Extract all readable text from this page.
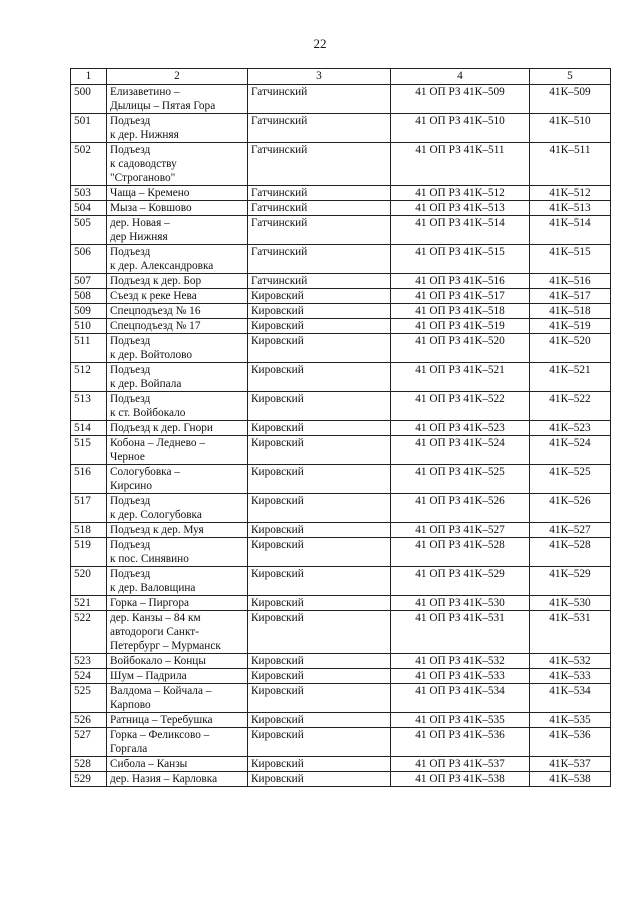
22
1	2	3	4	5
500	Елизаветино –
Дылицы – Пятая Гора	Гатчинский	41 ОП РЗ 41К–509	41К–509
501	Подъезд
к дер. Нижняя	Гатчинский	41 ОП РЗ 41К–510	41К–510
502	Подъезд
к садоводству
"Строганово"	Гатчинский	41 ОП РЗ 41К–511	41К–511
503	Чаща – Кремено	Гатчинский	41 ОП РЗ 41К–512	41К–512
504	Мыза – Ковшово	Гатчинский	41 ОП РЗ 41К–513	41К–513
505	дер. Новая –
дер Нижняя	Гатчинский	41 ОП РЗ 41К–514	41К–514
506	Подъезд
к дер. Александровка	Гатчинский	41 ОП РЗ 41К–515	41К–515
507	Подъезд к дер. Бор	Гатчинский	41 ОП РЗ 41К–516	41К–516
508	Съезд к реке Нева	Кировский	41 ОП РЗ 41К–517	41К–517
509	Спецподъезд № 16	Кировский	41 ОП РЗ 41К–518	41К–518
510	Спецподъезд № 17	Кировский	41 ОП РЗ 41К–519	41К–519
511	Подъезд
к дер. Войтолово	Кировский	41 ОП РЗ 41К–520	41К–520
512	Подъезд
к дер. Войпала	Кировский	41 ОП РЗ 41К–521	41К–521
513	Подъезд
к ст. Войбокало	Кировский	41 ОП РЗ 41К–522	41К–522
514	Подъезд к дер. Гнори	Кировский	41 ОП РЗ 41К–523	41К–523
515	Кобона – Леднево –
Черное	Кировский	41 ОП РЗ 41К–524	41К–524
516	Сологубовка –
Кирсино	Кировский	41 ОП РЗ 41К–525	41К–525
517	Подъезд
к дер. Сологубовка	Кировский	41 ОП РЗ 41К–526	41К–526
518	Подъезд к дер. Муя	Кировский	41 ОП РЗ 41К–527	41К–527
519	Подъезд
к пос. Синявино	Кировский	41 ОП РЗ 41К–528	41К–528
520	Подъезд
к дер. Валовщина	Кировский	41 ОП РЗ 41К–529	41К–529
521	Горка – Пиргора	Кировский	41 ОП РЗ 41К–530	41К–530
522	дер. Канзы – 84 км
автодороги Санкт-
Петербург – Мурманск	Кировский	41 ОП РЗ 41К–531	41К–531
523	Войбокало – Концы	Кировский	41 ОП РЗ 41К–532	41К–532
524	Шум – Падрила	Кировский	41 ОП РЗ 41К–533	41К–533
525	Валдома – Койчала –
Карпово	Кировский	41 ОП РЗ 41К–534	41К–534
526	Ратница – Теребушка	Кировский	41 ОП РЗ 41К–535	41К–535
527	Горка – Феликсово –
Горгала	Кировский	41 ОП РЗ 41К–536	41К–536
528	Сибола – Канзы	Кировский	41 ОП РЗ 41К–537	41К–537
529	дер. Назия – Карловка	Кировский	41 ОП РЗ 41К–538	41К–538
